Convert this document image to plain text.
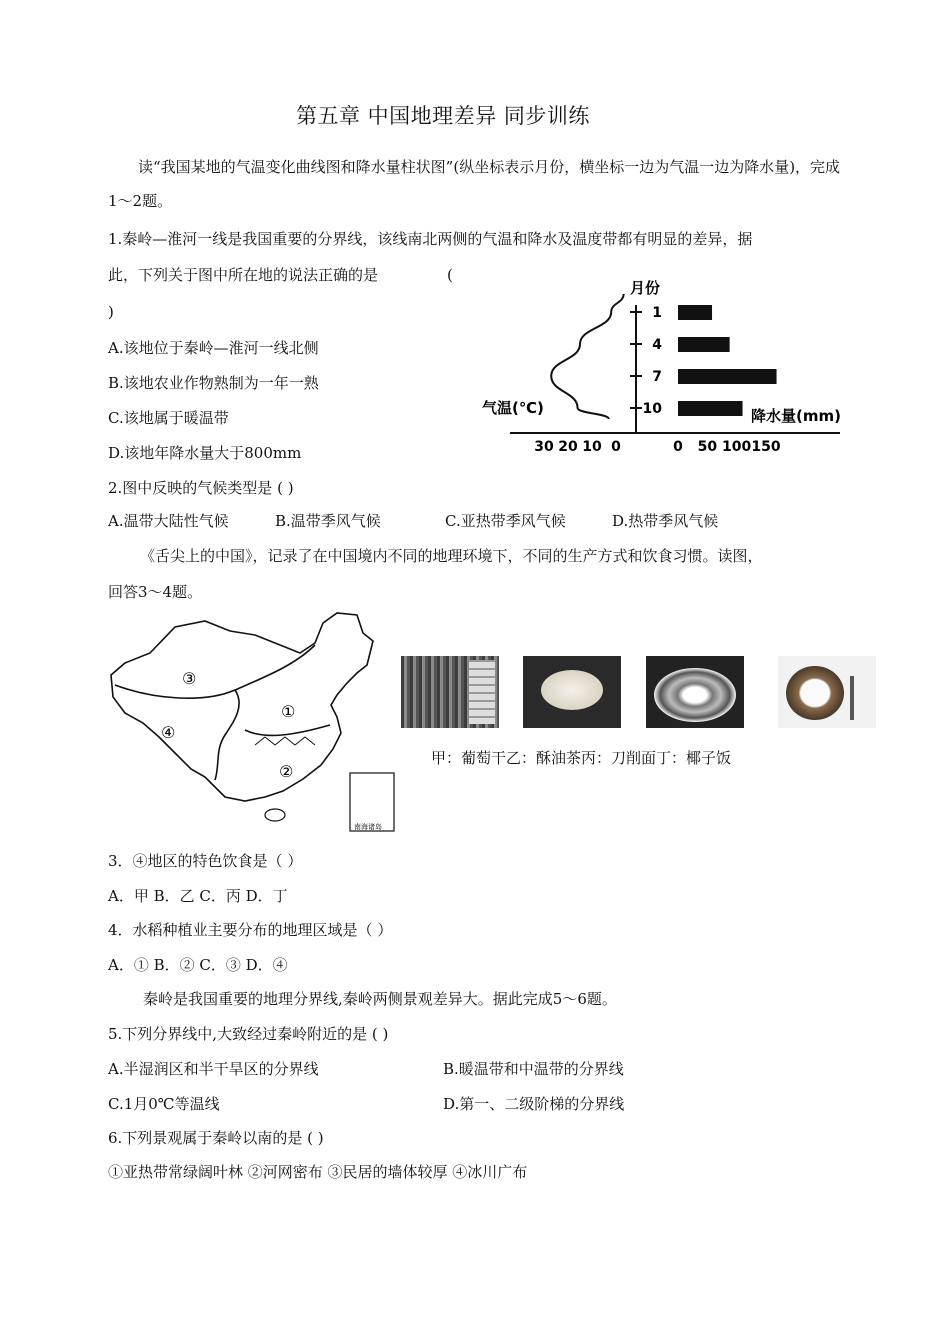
第五章 中国地理差异 同步训练
读“我国某地的气温变化曲线图和降水量柱状图”(纵坐标表示月份，横坐标一边为气温一边为降水量)，完成1～2题。
1.秦岭—淮河一线是我国重要的分界线，该线南北两侧的气温和降水及温度带都有明显的差异，据
此，下列关于图中所在地的说法正确的是	(
)
A.该地位于秦岭—淮河一线北侧
B.该地农业作物熟制为一年一熟
C.该地属于暖温带
D.该地年降水量大于800mm
月份
1
4
7
10
0 50 100 150
30 20 10 0
气温(℃)	降水量(mm)
2.图中反映的气候类型是 ( )
A.温带大陆性气候	B.温带季风气候	C.亚热带季风气候	D.热带季风气候
《舌尖上的中国》，记录了在中国境内不同的地理环境下，不同的生产方式和饮食习惯。读图，
回答3～4题。
南海诸岛
①
②
③
④
甲：葡萄干乙：酥油茶丙：刀削面丁：椰子饭
3．④地区的特色饮食是（ ）
A．甲 B．乙 C．丙 D．丁
4．水稻种植业主要分布的地理区域是（ ）
A．① B．② C．③ D．④
秦岭是我国重要的地理分界线,秦岭两侧景观差异大。据此完成5～6题。
5.下列分界线中,大致经过秦岭附近的是 ( )
A.半湿润区和半干旱区的分界线	B.暖温带和中温带的分界线
C.1月0℃等温线	D.第一、二级阶梯的分界线
6.下列景观属于秦岭以南的是 ( )
①亚热带常绿阔叶林 ②河网密布 ③民居的墙体较厚 ④冰川广布
